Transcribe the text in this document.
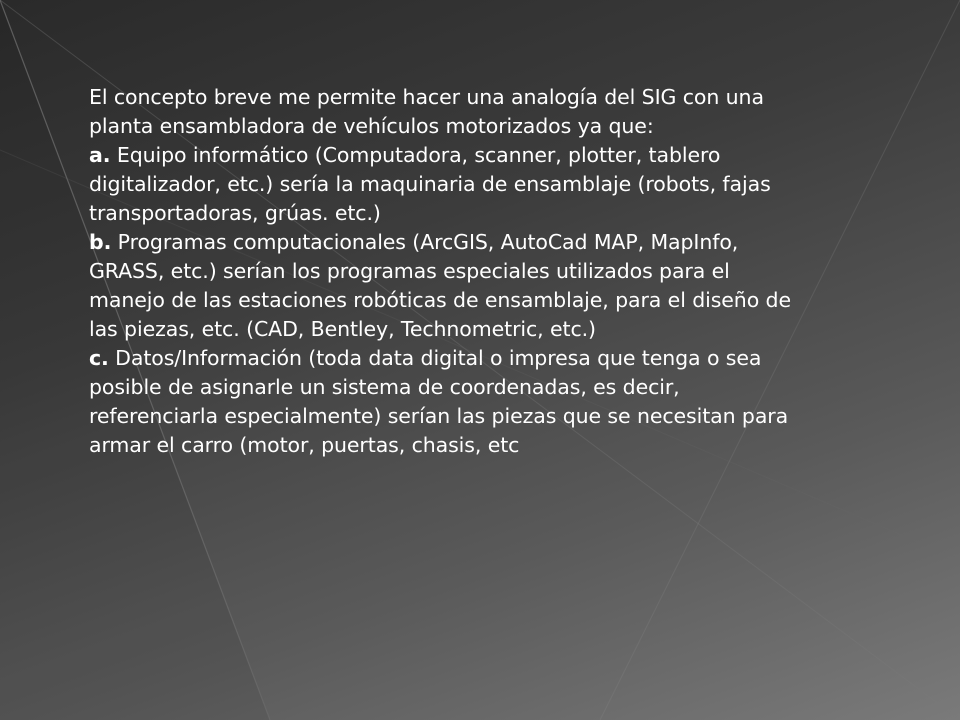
El concepto breve me permite hacer una analogía del SIG con una planta ensambladora de vehículos motorizados ya que:

a. Equipo informático (Computadora, scanner, plotter, tablero digitalizador, etc.) sería la maquinaria de ensamblaje (robots, fajas transportadoras, grúas. etc.)

b. Programas computacionales (ArcGIS, AutoCad MAP, MapInfo, GRASS, etc.) serían los programas especiales utilizados para el manejo de las estaciones robóticas de ensamblaje, para el diseño de las piezas, etc. (CAD, Bentley, Technometric, etc.)

c. Datos/Información (toda data digital o impresa que tenga o sea posible de asignarle un sistema de coordenadas, es decir, referenciarla especialmente) serían las piezas que se necesitan para armar el carro (motor, puertas, chasis, etc
